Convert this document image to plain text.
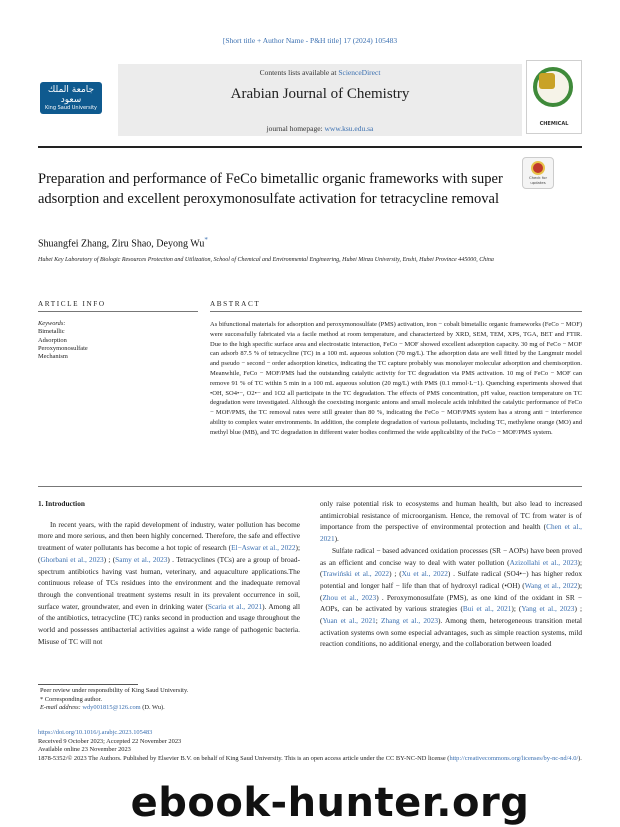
[Short title + Author Name - P&H title] 17 (2024) 105483
جامعة الملك سعود
King Saud University
Contents lists available at ScienceDirect
Arabian Journal of Chemistry
journal homepage: www.ksu.edu.sa	CHEMICAL
Preparation and performance of FeCo bimetallic organic frameworks with super adsorption and excellent peroxymonosulfate activation for tetracycline removal
Check for updates
Shuangfei Zhang, Ziru Shao, Deyong Wu*
Hubei Key Laboratory of Biologic Resources Protection and Utilization, School of Chemical and Environmental Engineering, Hubei Minzu University, Enshi, Hubei Province 445000, China
ARTICLE INFO	ABSTRACT
Keywords:
Bimetallic
Adsorption
Peroxymonosulfate
Mechanism
As bifunctional materials for adsorption and peroxymonosulfate (PMS) activation, iron − cobalt bimetallic organic frameworks (FeCo − MOF) were successfully fabricated via a facile method at room temperature, and characterized by XRD, SEM, TEM, XPS, TGA, BET and FTIR. Due to the high specific surface area and electrostatic interaction, FeCo − MOF showed excellent adsorption capacity. 30 mg of FeCo − MOF can adsorb 87.5 % of tetracycline (TC) in a 100 mL aqueous solution (70 mg/L). The adsorption data are well fitted by the Langmuir model and pseudo − second − order adsorption kinetics, indicating the TC capture probably was monolayer molecular adsorption and chemisorption. Meanwhile, FeCo − MOF/PMS had the outstanding catalytic activity for TC degradation via PMS activation. 10 mg of FeCo − MOF can remove 91 % of TC within 5 min in a 100 mL aqueous solution (20 mg/L) with PMS (0.1 mmol·L−1). Quenching experiments showed that •OH, SO4•−, O2•− and 1O2 all participate in the TC degradation. The effects of PMS concentration, pH value, reaction temperature on TC degradation were investigated. Although the coexisting inorganic anions and small molecule acids inhibited the catalytic performance of FeCo − MOF/PMS, the TC removal rates were still greater than 80 %, indicating the FeCo − MOF/PMS system has a strong anti − interference ability to complex water environments. In addition, the complete degradation of various pollutants, including TC, methylene orange (MO) and methyl blue (MB), and TC degradation in different water bodies confirmed the wide applicability of the FeCo − MOF/PMS system.
1. Introduction
In recent years, with the rapid development of industry, water pollution has become more and more serious, and then been highly concerned. Therefore, the safe and effective treatment of water pollutants has become a hot topic of research (El−Aswar et al., 2022); (Ghorbani et al., 2023) ; (Samy et al., 2023) . Tetracyclines (TCs) are a group of broad-spectrum antibiotics having vast human, veterinary, and aquaculture applications.The continuous release of TCs residues into the environment and the inadequate removal through the conventional treatment systems result in its prevalent occurrence in soil, surface water, groundwater, and even in drinking water (Scaria et al., 2021). Among all of the antibiotics, tetracycline (TC) ranks second in production and usage throughout the world and possesses antibacterial activities against a wide range of pathogenic bacteria. Misuse of TC will not
only raise potential risk to ecosystems and human health, but also lead to increased antimicrobial resistance of microorganism. Hence, the removal of TC from water is of importance from the perspective of environmental protection and health (Chen et al., 2021).
Sulfate radical − based advanced oxidation processes (SR − AOPs) have been proved as an efficient and concise way to deal with water pollution (Azizollahi et al., 2023); (Trawiński et al., 2022) ; (Xu et al., 2022) . Sulfate radical (SO4•−) has higher redox potential and longer half − life than that of hydroxyl radical (•OH) (Wang et al., 2022); (Zhou et al., 2023) . Peroxymonosulfate (PMS), as one kind of the oxidant in SR − AOPs, can be activated by various strategies (Bui et al., 2021); (Yang et al., 2023) ; (Yuan et al., 2021; Zhang et al., 2023). Among them, heterogeneous transition metal activation systems own some especial advantages, such as simple reaction systems, mild reaction conditions, no additional energy, and the collaboration between loaded
Peer review under responsibility of King Saud University.
* Corresponding author.
E-mail address: wdy001815@126.com (D. Wu).
https://doi.org/10.1016/j.arabjc.2023.105483
Received 9 October 2023; Accepted 22 November 2023
Available online 23 November 2023
1878-5352/© 2023 The Authors. Published by Elsevier B.V. on behalf of King Saud University. This is an open access article under the CC BY-NC-ND license (http://creativecommons.org/licenses/by-nc-nd/4.0/).
ebook-hunter.org
